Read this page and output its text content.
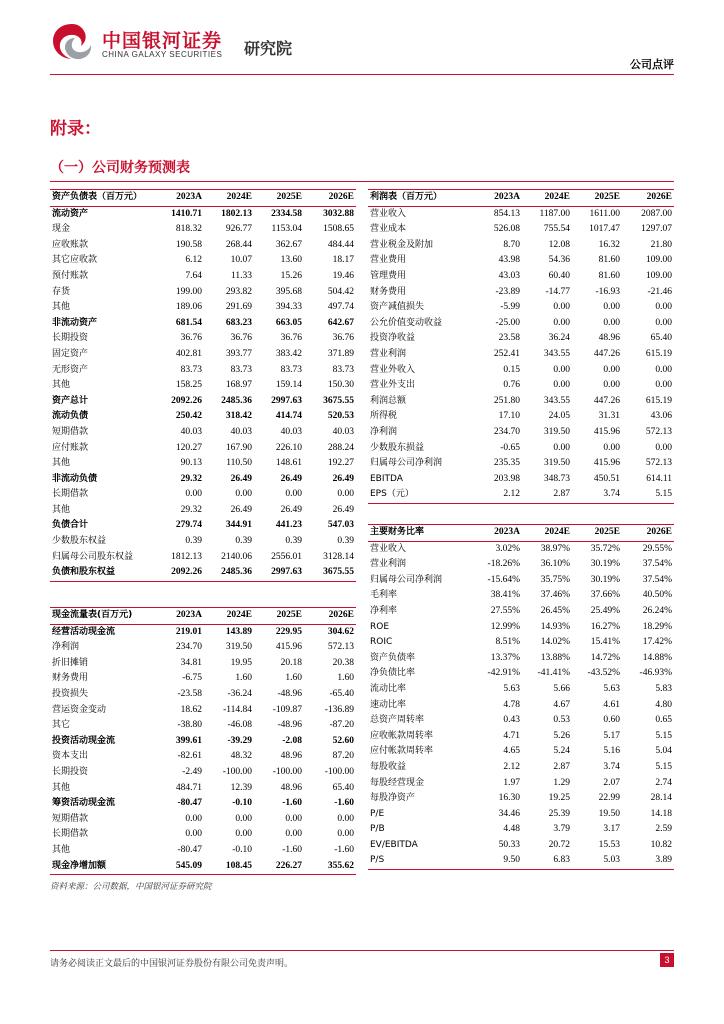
中国银河证券
CHINA GALAXY SECURITIES 研究院
公司点评
附录：
（一）公司财务预测表
资产负债表（百万元）	2023A	2024E	2025E	2026E
流动资产	1410.71	1802.13	2334.58	3032.88
现金	818.32	926.77	1153.04	1508.65
应收账款	190.58	268.44	362.67	484.44
其它应收款	6.12	10.07	13.60	18.17
预付账款	7.64	11.33	15.26	19.46
存货	199.00	293.82	395.68	504.42
其他	189.06	291.69	394.33	497.74
非流动资产	681.54	683.23	663.05	642.67
长期投资	36.76	36.76	36.76	36.76
固定资产	402.81	393.77	383.42	371.89
无形资产	83.73	83.73	83.73	83.73
其他	158.25	168.97	159.14	150.30
资产总计	2092.26	2485.36	2997.63	3675.55
流动负债	250.42	318.42	414.74	520.53
短期借款	40.03	40.03	40.03	40.03
应付账款	120.27	167.90	226.10	288.24
其他	90.13	110.50	148.61	192.27
非流动负债	29.32	26.49	26.49	26.49
长期借款	0.00	0.00	0.00	0.00
其他	29.32	26.49	26.49	26.49
负债合计	279.74	344.91	441.23	547.03
少数股东权益	0.39	0.39	0.39	0.39
归属母公司股东权益	1812.13	2140.06	2556.01	3128.14
负债和股东权益	2092.26	2485.36	2997.63	3675.55
现金流量表(百万元)	2023A	2024E	2025E	2026E
经营活动现金流	219.01	143.89	229.95	304.62
净利润	234.70	319.50	415.96	572.13
折旧摊销	34.81	19.95	20.18	20.38
财务费用	-6.75	1.60	1.60	1.60
投资损失	-23.58	-36.24	-48.96	-65.40
营运资金变动	18.62	-114.84	-109.87	-136.89
其它	-38.80	-46.08	-48.96	-87.20
投资活动现金流	399.61	-39.29	-2.08	52.60
资本支出	-82.61	48.32	48.96	87.20
长期投资	-2.49	-100.00	-100.00	-100.00
其他	484.71	12.39	48.96	65.40
筹资活动现金流	-80.47	-0.10	-1.60	-1.60
短期借款	0.00	0.00	0.00	0.00
长期借款	0.00	0.00	0.00	0.00
其他	-80.47	-0.10	-1.60	-1.60
现金净增加额	545.09	108.45	226.27	355.62
利润表（百万元）	2023A	2024E	2025E	2026E
营业收入	854.13	1187.00	1611.00	2087.00
营业成本	526.08	755.54	1017.47	1297.07
营业税金及附加	8.70	12.08	16.32	21.80
营业费用	43.98	54.36	81.60	109.00
管理费用	43.03	60.40	81.60	109.00
财务费用	-23.89	-14.77	-16.93	-21.46
资产减值损失	-5.99	0.00	0.00	0.00
公允价值变动收益	-25.00	0.00	0.00	0.00
投资净收益	23.58	36.24	48.96	65.40
营业利润	252.41	343.55	447.26	615.19
营业外收入	0.15	0.00	0.00	0.00
营业外支出	0.76	0.00	0.00	0.00
利润总额	251.80	343.55	447.26	615.19
所得税	17.10	24.05	31.31	43.06
净利润	234.70	319.50	415.96	572.13
少数股东损益	-0.65	0.00	0.00	0.00
归属母公司净利润	235.35	319.50	415.96	572.13
EBITDA	203.98	348.73	450.51	614.11
EPS（元）	2.12	2.87	3.74	5.15
主要财务比率	2023A	2024E	2025E	2026E
营业收入	3.02%	38.97%	35.72%	29.55%
营业利润	-18.26%	36.10%	30.19%	37.54%
归属母公司净利润	-15.64%	35.75%	30.19%	37.54%
毛利率	38.41%	37.46%	37.66%	40.50%
净利率	27.55%	26.45%	25.49%	26.24%
ROE	12.99%	14.93%	16.27%	18.29%
ROIC	8.51%	14.02%	15.41%	17.42%
资产负债率	13.37%	13.88%	14.72%	14.88%
净负债比率	-42.91%	-41.41%	-43.52%	-46.93%
流动比率	5.63	5.66	5.63	5.83
速动比率	4.78	4.67	4.61	4.80
总资产周转率	0.43	0.53	0.60	0.65
应收帐款周转率	4.71	5.26	5.17	5.15
应付帐款周转率	4.65	5.24	5.16	5.04
每股收益	2.12	2.87	3.74	5.15
每股经营现金	1.97	1.29	2.07	2.74
每股净资产	16.30	19.25	22.99	28.14
P/E	34.46	25.39	19.50	14.18
P/B	4.48	3.79	3.17	2.59
EV/EBITDA	50.33	20.72	15.53	10.82
P/S	9.50	6.83	5.03	3.89
资料来源：公司数据，中国银河证券研究院
请务必阅读正文最后的中国银河证券股份有限公司免责声明。	3
